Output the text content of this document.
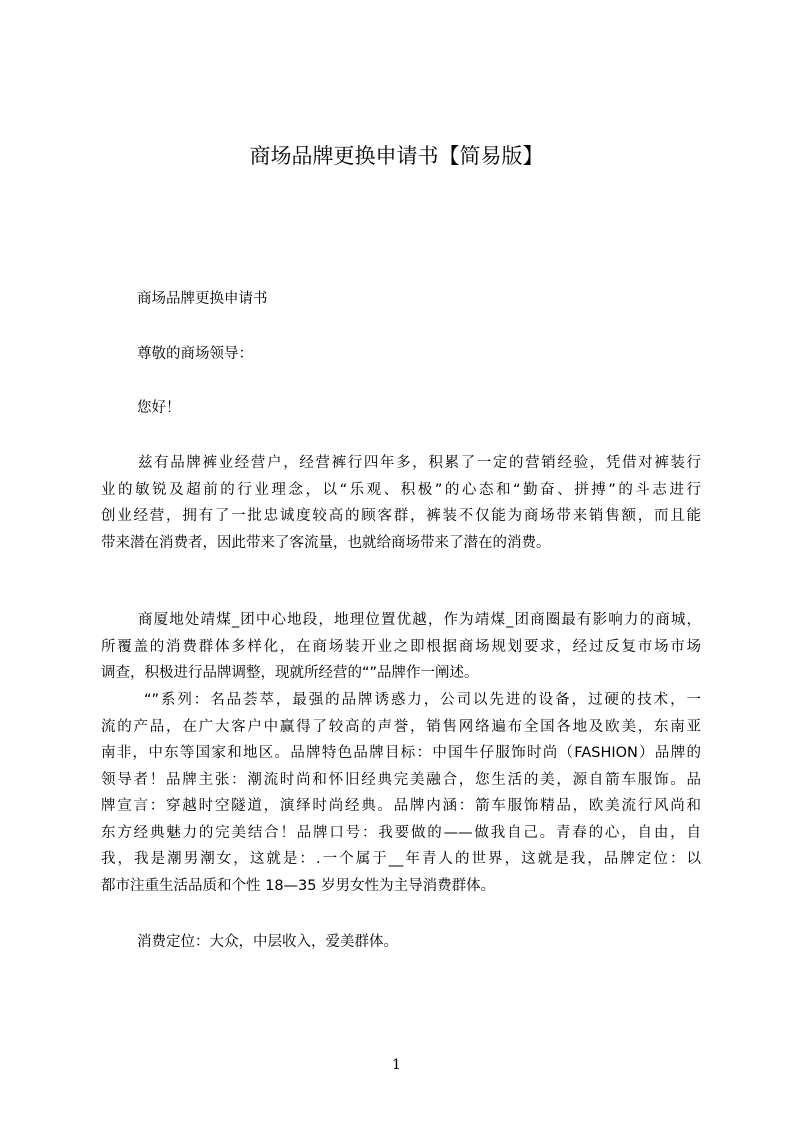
商场品牌更换申请书【简易版】

商场品牌更换申请书

尊敬的商场领导：

您好！

兹有品牌裤业经营户，经营裤行四年多，积累了一定的营销经验，凭借对裤装行
业的敏锐及超前的行业理念，以“乐观、积极”的心态和“勤奋、拼搏”的斗志进行
创业经营，拥有了一批忠诚度较高的顾客群，裤装不仅能为商场带来销售额，而且能
带来潜在消费者，因此带来了客流量，也就给商场带来了潜在的消费。
商厦地处靖煤_团中心地段，地理位置优越，作为靖煤_团商圈最有影响力的商城，
所覆盖的消费群体多样化，在商场装开业之即根据商场规划要求，经过反复市场市场
调查，积极进行品牌调整，现就所经营的“”品牌作一阐述。
“”系列：名品荟萃，最强的品牌诱惑力，公司以先进的设备，过硬的技术，一
流的产品，在广大客户中赢得了较高的声誉，销售网络遍布全国各地及欧美，东南亚
南非，中东等国家和地区。品牌特色品牌目标：中国牛仔服饰时尚（FASHION）品牌的
领导者！品牌主张：潮流时尚和怀旧经典完美融合，您生活的美，源自箭车服饰。品
牌宣言：穿越时空隧道，演绎时尚经典。品牌内涵：箭车服饰精品，欧美流行风尚和
东方经典魅力的完美结合！品牌口号：我要做的——做我自己。青春的心，自由，自
我，我是潮男潮女，这就是：.一个属于__年青人的世界，这就是我，品牌定位：以
都市注重生活品质和个性 18—35 岁男女性为主导消费群体。

消费定位：大众，中层收入，爱美群体。

1
